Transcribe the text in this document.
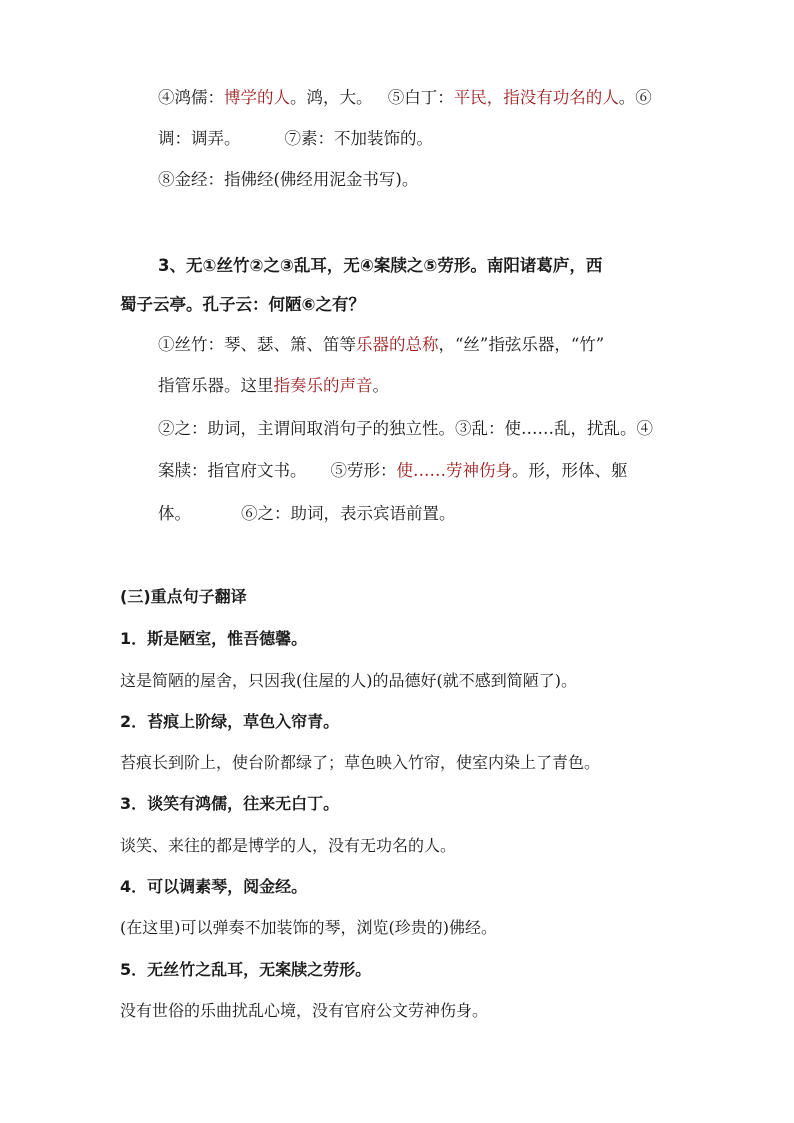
④鸿儒：博学的人。鸿，大。 ⑤白丁：平民，指没有功名的人。⑥
调：调弄。	⑦素：不加装饰的。
⑧金经：指佛经(佛经用泥金书写)。
3、无①丝竹②之③乱耳，无④案牍之⑤劳形。南阳诸葛庐，西
蜀子云亭。孔子云：何陋⑥之有？
①丝竹：琴、瑟、箫、笛等乐器的总称，“丝”指弦乐器，“竹”
指管乐器。这里指奏乐的声音。
②之：助词，主谓间取消句子的独立性。③乱：使……乱，扰乱。④
案牍：指官府文书。 ⑤劳形：使……劳神伤身。形，形体、躯
体。	⑥之：助词，表示宾语前置。
(三)重点句子翻译
1．斯是陋室，惟吾德馨。
这是简陋的屋舍，只因我(住屋的人)的品德好(就不感到简陋了)。
2．苔痕上阶绿，草色入帘青。
苔痕长到阶上，使台阶都绿了；草色映入竹帘，使室内染上了青色。
3．谈笑有鸿儒，往来无白丁。
谈笑、来往的都是博学的人，没有无功名的人。
4．可以调素琴，阅金经。
(在这里)可以弹奏不加装饰的琴，浏览(珍贵的)佛经。
5．无丝竹之乱耳，无案牍之劳形。
没有世俗的乐曲扰乱心境，没有官府公文劳神伤身。
